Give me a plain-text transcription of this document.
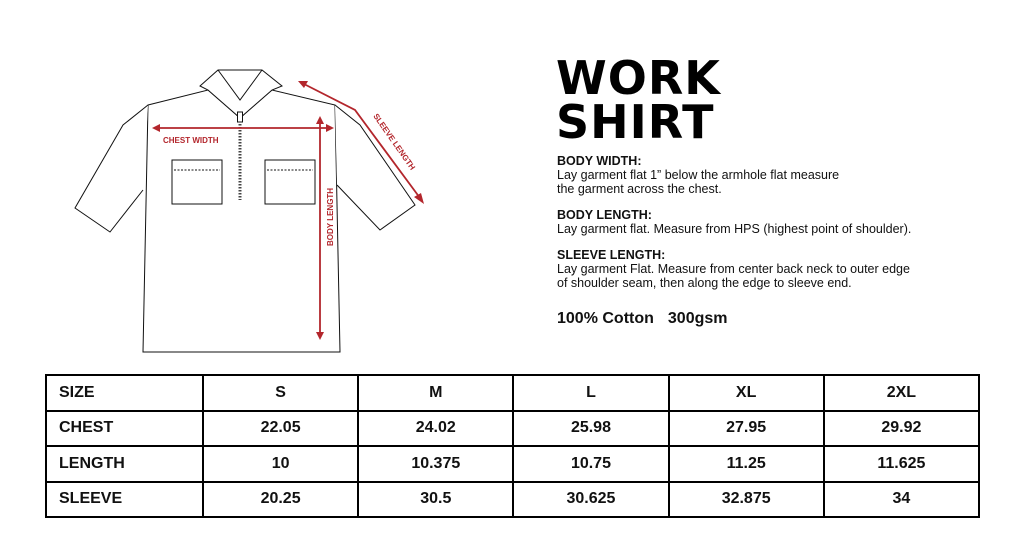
CHEST WIDTH
BODY LENGTH
SLEEVE LENGTH
WORK
SHIRT
BODY WIDTH:
Lay garment flat 1” below the armhole flat measure
the garment across the chest.
BODY LENGTH:
Lay garment flat. Measure from HPS (highest point of shoulder).
SLEEVE LENGTH:
Lay garment Flat. Measure from center back neck to outer edge
of shoulder seam, then along the edge to sleeve end.
100% Cotton 300gsm
SIZE	S	M	L	XL	2XL
CHEST	22.05	24.02	25.98	27.95	29.92
LENGTH	10	10.375	10.75	11.25	11.625
SLEEVE	20.25	30.5	30.625	32.875	34
